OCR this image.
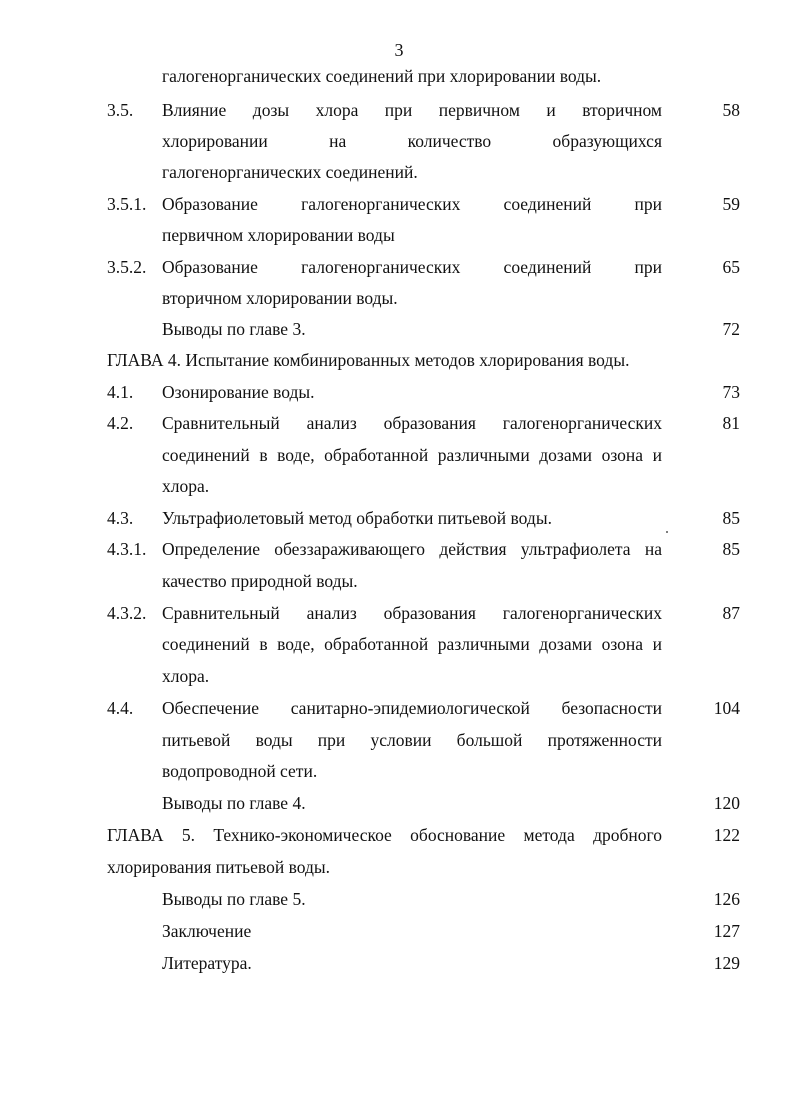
3
галогенорганических соединений при хлорировании воды.
3.5. Влияние дозы хлора при первичном и вторичном	58
хлорировании на количество образующихся
галогенорганических соединений.
3.5.1. Образование галогенорганических соединений при	59
первичном хлорировании воды
3.5.2. Образование галогенорганических соединений при	65
вторичном хлорировании воды.
Выводы по главе 3.	72
ГЛАВА 4. Испытание комбинированных методов хлорирования воды.
4.1. Озонирование воды.	73
4.2. Сравнительный анализ образования галогенорганических	81
соединений в воде, обработанной различными дозами озона и
хлора.
4.3. Ультрафиолетовый метод обработки питьевой воды.	85
4.3.1. Определение обеззараживающего действия ультрафиолета на	85
качество природной воды.
4.3.2. Сравнительный анализ образования галогенорганических	87
соединений в воде, обработанной различными дозами озона и
хлора.
4.4. Обеспечение санитарно-эпидемиологической безопасности	104
питьевой воды при условии большой протяженности
водопроводной сети.
Выводы по главе 4.	120
ГЛАВА 5. Технико-экономическое обоснование метода дробного	122
хлорирования питьевой воды.
Выводы по главе 5.	126
Заключение	127
Литература.	129
